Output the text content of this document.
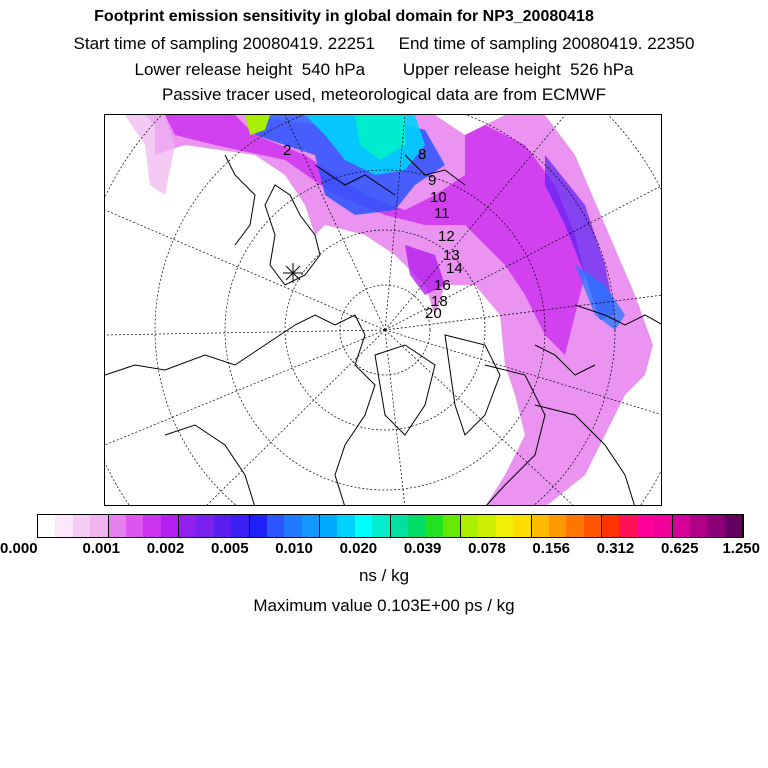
Footprint emission sensitivity in global domain for NP3_20080418
Start time of sampling 20080419. 22251 End time of sampling 20080419. 22350
Lower release height  540 hPa Upper release height  526 hPa
Passive tracer used, meteorological data are from ECMWF
2	8
9
10
11
12
13
14
16
18
20
0.000	0.001 0.002 0.005 0.010 0.020 0.039 0.078 0.156 0.312 0.625 1.250
ns / kg
Maximum value 0.103E+00 ps / kg
